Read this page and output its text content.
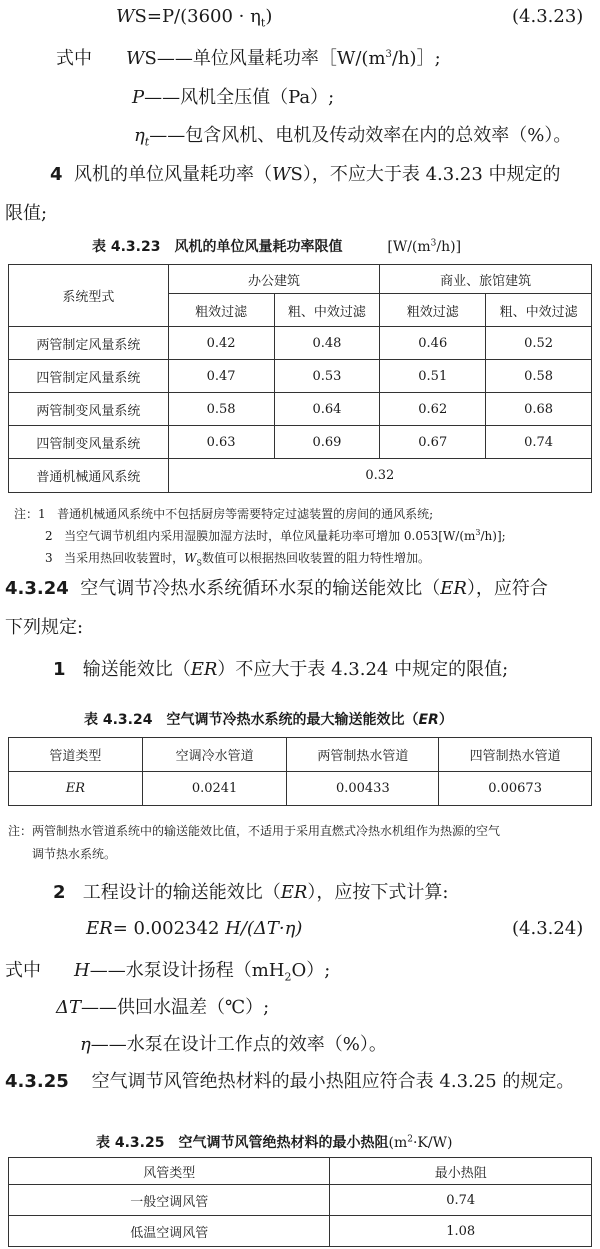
$WS=P/(3600 \cdot \eta_t)$	(4.3.23)
式中 WS——单位风量耗功率$[W/(m^3/h)]$;
P——风机全压值（Pa）;
$\eta_t——$包含风机、电机及传动效率在内的总效率（%）。
4 风机的单位风量耗功率（WS），不应大于表 4.3.23 中规定的
限值;
表 4.3.23　风机的单位风量耗功率限值	$[W/(m^3/h)]$
系统型式	办公建筑		商业、旅馆建筑	
	粗效过滤	粗、中效过滤	粗效过滤	粗、中效过滤
两管制定风量系统	0.42	0.48	0.46	0.52
四管制定风量系统	0.47	0.53	0.51	0.58
两管制变风量系统	0.58	0.64	0.62	0.68
四管制变风量系统	0.63	0.69	0.67	0.74
普通机械通风系统	0.32			
注：1 普通机械通风系统中不包括厨房等需要特定过滤装置的房间的通风系统;
2 当空气调节机组内采用湿膜加湿方法时，单位风量耗功率可增加 $0.053[W/(m^3/h)]$;
3 当采用热回收装置时，$W_S$数值可以根据热回收装置的阻力特性增加。
4.3.24 空气调节冷热水系统循环水泵的输送能效比（ER），应符合
下列规定:
1 输送能效比（ER）不应大于表 4.3.24 中规定的限值;
表 4.3.24　空气调节冷热水系统的最大输送能效比（ER）
管道类型	空调冷水管道	两管制热水管道	四管制热水管道
ER	0.0241	0.00433	0.00673
注：两管制热水管道系统中的输送能效比值，不适用于采用直燃式冷热水机组作为热源的空气
调节热水系统。
2 工程设计的输送能效比（ER），应按下式计算:
ER= 0.002342 H/(ΔT·η)	(4.3.24)
式中 H——水泵设计扬程$(mH_2O)$;
ΔT——供回水温差（℃）;
η——水泵在设计工作点的效率（%）。
4.3.25 空气调节风管绝热材料的最小热阻应符合表 4.3.25 的规定。
表 4.3.25　空气调节风管绝热材料的最小热阻$(m^2\cdot K/W)$
风管类型	最小热阻
一般空调风管	0.74
低温空调风管	1.08
